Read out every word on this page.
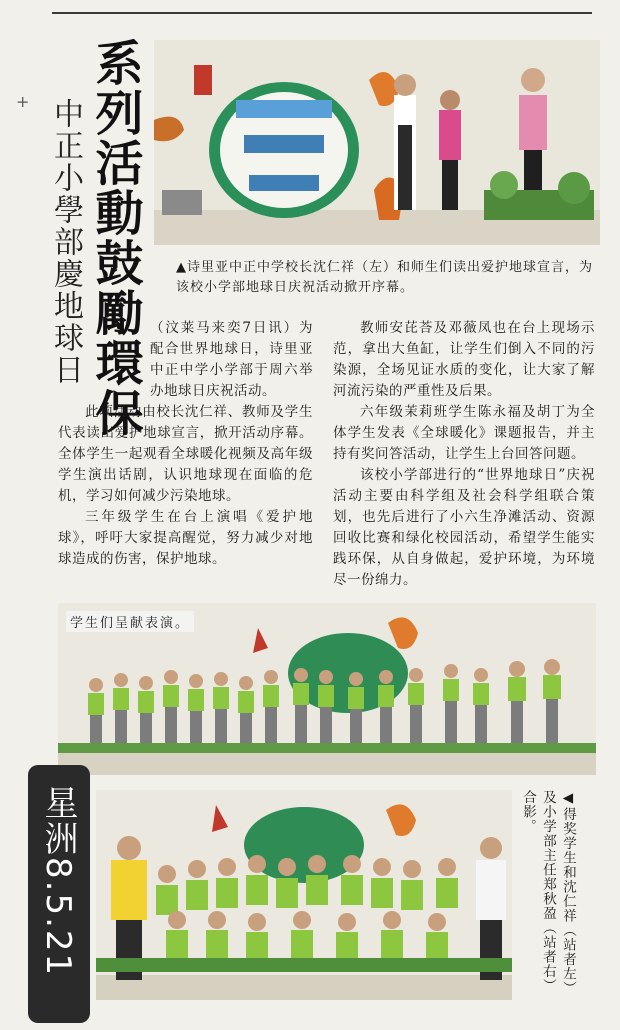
+ 系列活動鼓勵環保
中正小學部慶地球日	▲诗里亚中正中学校长沈仁祥（左）和师生们读出爱护地球宣言，为该校小学部地球日庆祝活动掀开序幕。

（汶莱马来奕7日讯）为配合世界地球日，诗里亚中正中学小学部于周六举办地球日庆祝活动。

此项活动由校长沈仁祥、教师及学生代表读出爱护地球宣言，掀开活动序幕。全体学生一起观看全球暖化视频及高年级学生演出话剧，认识地球现在面临的危机，学习如何减少污染地球。

三年级学生在台上演唱《爱护地球》，呼吁大家提高醒觉，努力减少对地球造成的伤害，保护地球。

教师安芘荅及邓薇凤也在台上现场示范，拿出大鱼缸，让学生们倒入不同的污染源，全场见证水质的变化，让大家了解河流污染的严重性及后果。

六年级茉莉班学生陈永福及胡丁为全体学生发表《全球暖化》课题报告，并主持有奖问答活动，让学生上台回答问题。

该校小学部进行的“世界地球日”庆祝活动主要由科学组及社会科学组联合策划，也先后进行了小六生净滩活动、资源回收比赛和绿化校园活动，希望学生能实践环保，从自身做起，爱护环境，为环境尽一份绵力。

学生们呈献表演。
◀得奖学生和沈仁祥（站者左）及小学部主任郑秋盈（站者右）合影。
星洲8.5.21
